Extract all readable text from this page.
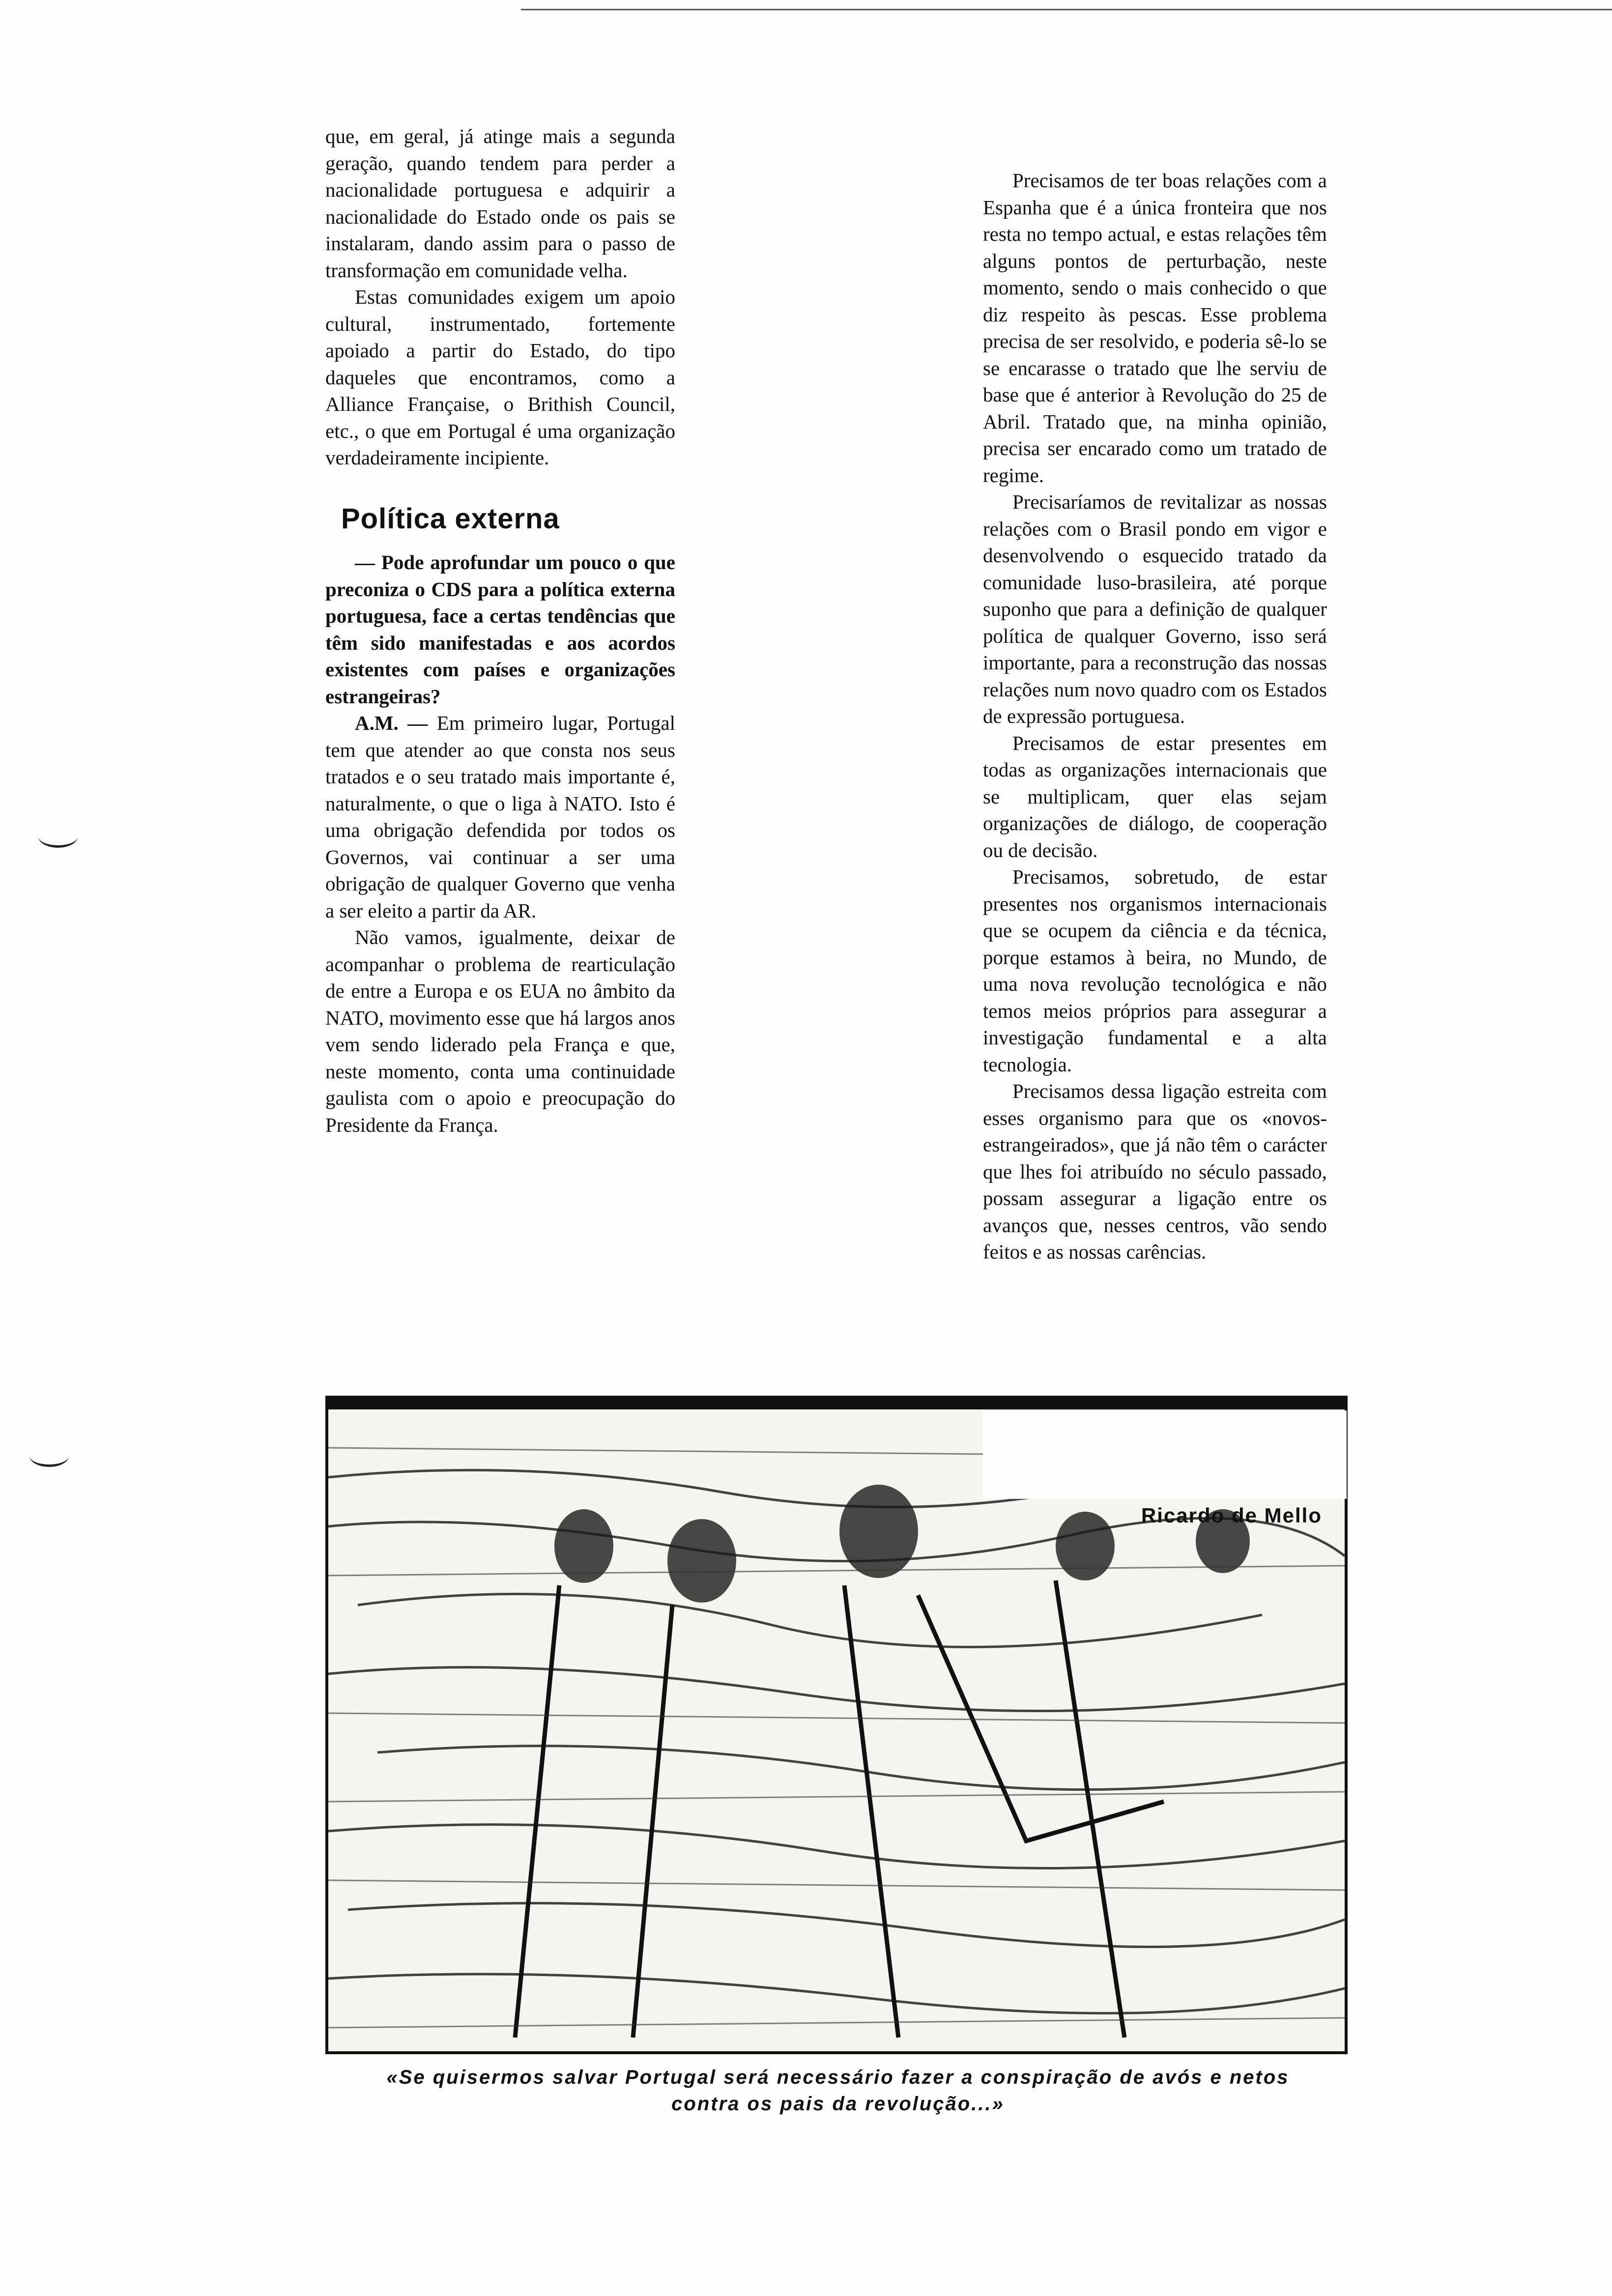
que, em geral, já atinge mais a segunda geração, quando tendem para perder a nacionalidade portuguesa e adquirir a nacionalidade do Estado onde os pais se instalaram, dando assim para o passo de transformação em comunidade velha.

Estas comunidades exigem um apoio cultural, instrumentado, fortemente apoiado a partir do Estado, do tipo daqueles que encontramos, como a Alliance Française, o Brithish Council, etc., o que em Portugal é uma organização verdadeiramente incipiente.

Política externa

— Pode aprofundar um pouco o que preconiza o CDS para a política externa portuguesa, face a certas tendências que têm sido manifestadas e aos acordos existentes com países e organizações estrangeiras?

A.M. — Em primeiro lugar, Portugal tem que atender ao que consta nos seus tratados e o seu tratado mais importante é, naturalmente, o que o liga à NATO. Isto é uma obrigação defendida por todos os Governos, vai continuar a ser uma obrigação de qualquer Governo que venha a ser eleito a partir da AR.

Não vamos, igualmente, deixar de acompanhar o problema de rearticulação de entre a Europa e os EUA no âmbito da NATO, movimento esse que há largos anos vem sendo liderado pela França e que, neste momento, conta uma continuidade gaulista com o apoio e preocupação do Presidente da França.

Precisamos de ter boas relações com a Espanha que é a única fronteira que nos resta no tempo actual, e estas relações têm alguns pontos de perturbação, neste momento, sendo o mais conhecido o que diz respeito às pescas. Esse problema precisa de ser resolvido, e poderia sê-lo se se encarasse o tratado que lhe serviu de base que é anterior à Revolução do 25 de Abril. Tratado que, na minha opinião, precisa ser encarado como um tratado de regime.

Precisaríamos de revitalizar as nossas relações com o Brasil pondo em vigor e desenvolvendo o esquecido tratado da comunidade luso-brasileira, até porque suponho que para a definição de qualquer política de qualquer Governo, isso será importante, para a reconstrução das nossas relações num novo quadro com os Estados de expressão portuguesa.

Precisamos de estar presentes em todas as organizações internacionais que se multiplicam, quer elas sejam organizações de diálogo, de cooperação ou de decisão.

Precisamos, sobretudo, de estar presentes nos organismos internacionais que se ocupem da ciência e da técnica, porque estamos à beira, no Mundo, de uma nova revolução tecnológica e não temos meios próprios para assegurar a investigação fundamental e a alta tecnologia.

Precisamos dessa ligação estreita com esses organismo para que os «novos-estrangeirados», que já não têm o carácter que lhes foi atribuído no século passado, possam assegurar a ligação entre os avanços que, nesses centros, vão sendo feitos e as nossas carências.

Ricardo de Mello
«Se quisermos salvar Portugal será necessário fazer a conspiração de avós e netos
contra os pais da revolução...»
